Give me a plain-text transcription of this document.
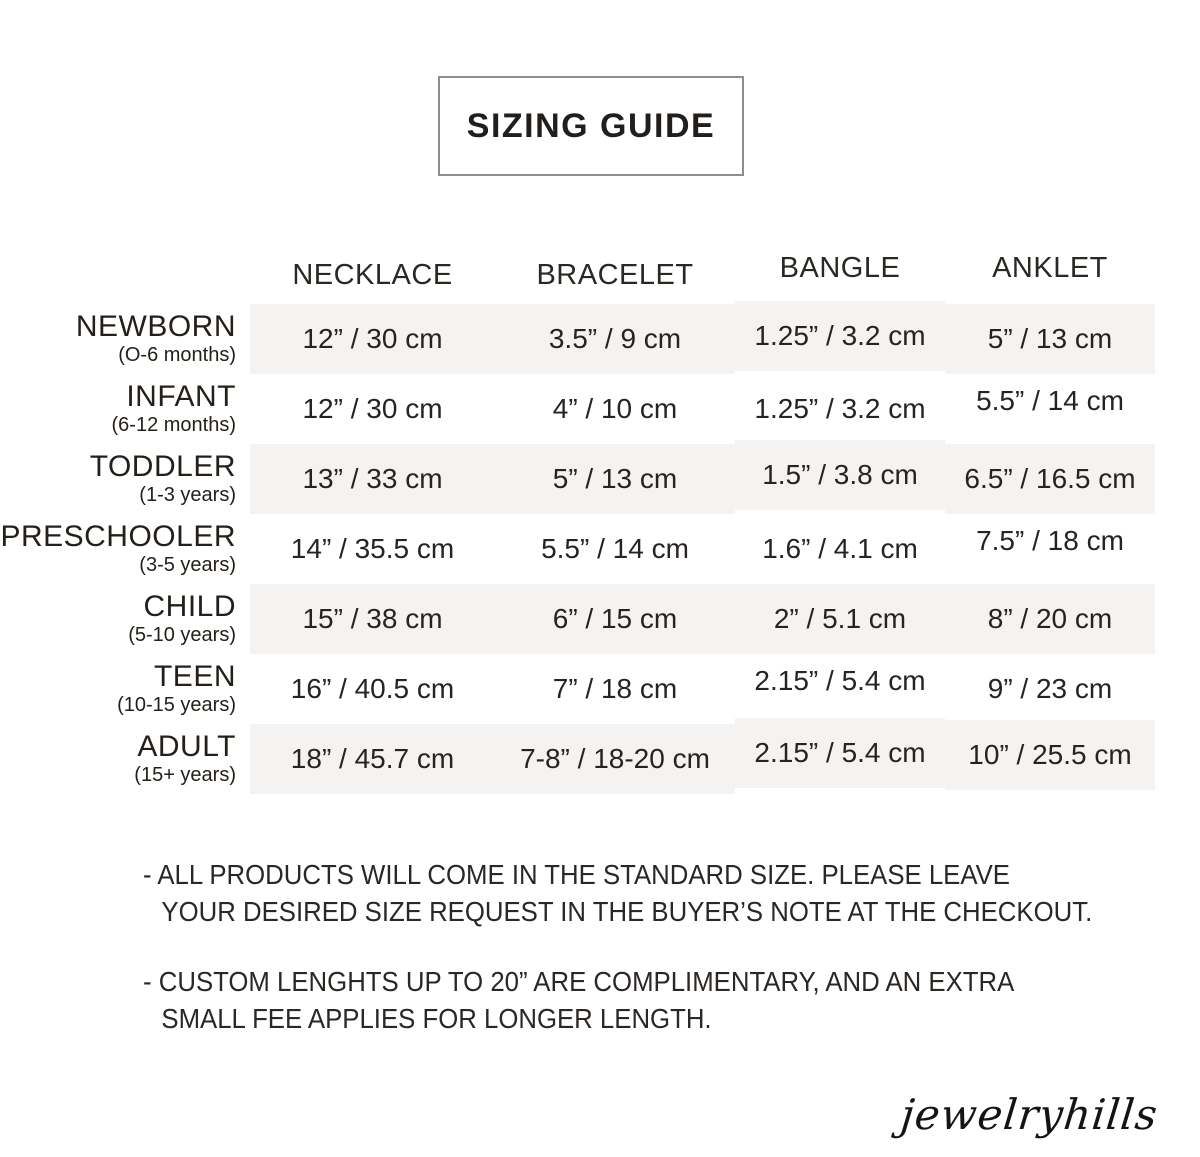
SIZING GUIDE
NECKLACE	BRACELET	BANGLE	ANKLET
NEWBORN
(O-6 months)
12” / 30 cm	3.5” / 9 cm	1.25” / 3.2 cm	5” / 13 cm
INFANT
(6-12 months)
12” / 30 cm	4” / 10 cm	1.25” / 3.2 cm	5.5” / 14 cm
TODDLER
(1-3 years)
13” / 33 cm	5” / 13 cm	1.5” / 3.8 cm	6.5” / 16.5 cm
PRESCHOOLER
(3-5 years)
14” / 35.5 cm	5.5” / 14 cm	1.6” / 4.1 cm	7.5” / 18 cm
CHILD
(5-10 years)
15” / 38 cm	6” / 15 cm	2” / 5.1 cm	8” / 20 cm
TEEN
(10-15 years)
16” / 40.5 cm	7” / 18 cm	2.15” / 5.4 cm	9” / 23 cm
ADULT
(15+ years)
18” / 45.7 cm	7-8” / 18-20 cm	2.15” / 5.4 cm	10” / 25.5 cm
- ALL PRODUCTS WILL COME IN THE STANDARD SIZE. PLEASE LEAVE
YOUR DESIRED SIZE REQUEST IN THE BUYER’S NOTE AT THE CHECKOUT.
- CUSTOM LENGHTS UP TO 20” ARE COMPLIMENTARY, AND AN EXTRA
SMALL FEE APPLIES FOR LONGER LENGTH.
jewelryhills
